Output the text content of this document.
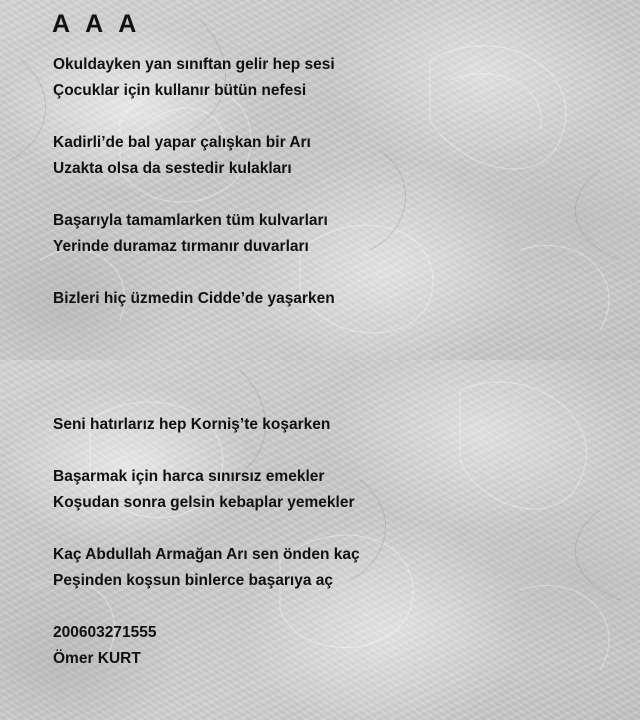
A A A
Okuldayken yan sınıftan gelir hep sesi
Çocuklar için kullanır bütün nefesi
Kadirli’de bal yapar çalışkan bir Arı
Uzakta olsa da sestedir kulakları
Başarıyla tamamlarken tüm kulvarları
Yerinde duramaz tırmanır duvarları
Bizleri hiç üzmedin Cidde’de yaşarken
Seni hatırlarız hep Korniş’te koşarken
Başarmak için harca sınırsız emekler
Koşudan sonra gelsin kebaplar yemekler
Kaç Abdullah Armağan Arı sen önden kaç
Peşinden koşsun binlerce başarıya aç
200603271555
Ömer KURT
